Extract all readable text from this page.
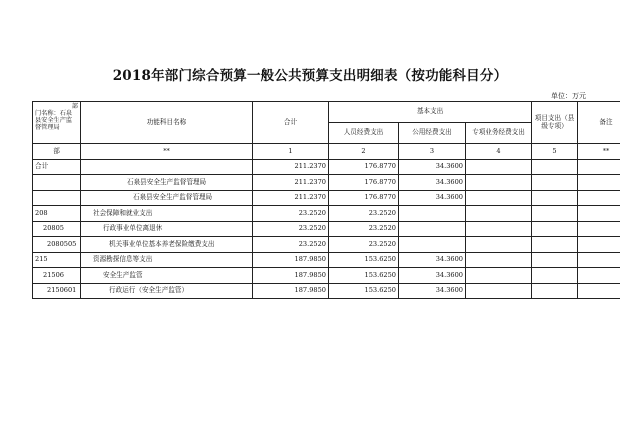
2018年部门综合预算一般公共预算支出明细表（按功能科目分）
单位：万元
部
门名称：石泉县安全生产监督管理局	功能科目名称	合计	基本支出			项目支出（县级专项）	备注
			人员经费支出	公用经费支出	专项业务经费支出		
部	**	1	2	3	4	5	**
合计		211.2370	176.8770	34.3600			
	石泉县安全生产监督管理局	211.2370	176.8770	34.3600			
	石泉县安全生产监督管理局	211.2370	176.8770	34.3600			
208	社会保障和就业支出	23.2520	23.2520				
20805	行政事业单位离退休	23.2520	23.2520				
2080505	机关事业单位基本养老保险缴费支出	23.2520	23.2520				
215	资源勘探信息等支出	187.9850	153.6250	34.3600			
21506	安全生产监管	187.9850	153.6250	34.3600			
2150601	行政运行（安全生产监管）	187.9850	153.6250	34.3600			
